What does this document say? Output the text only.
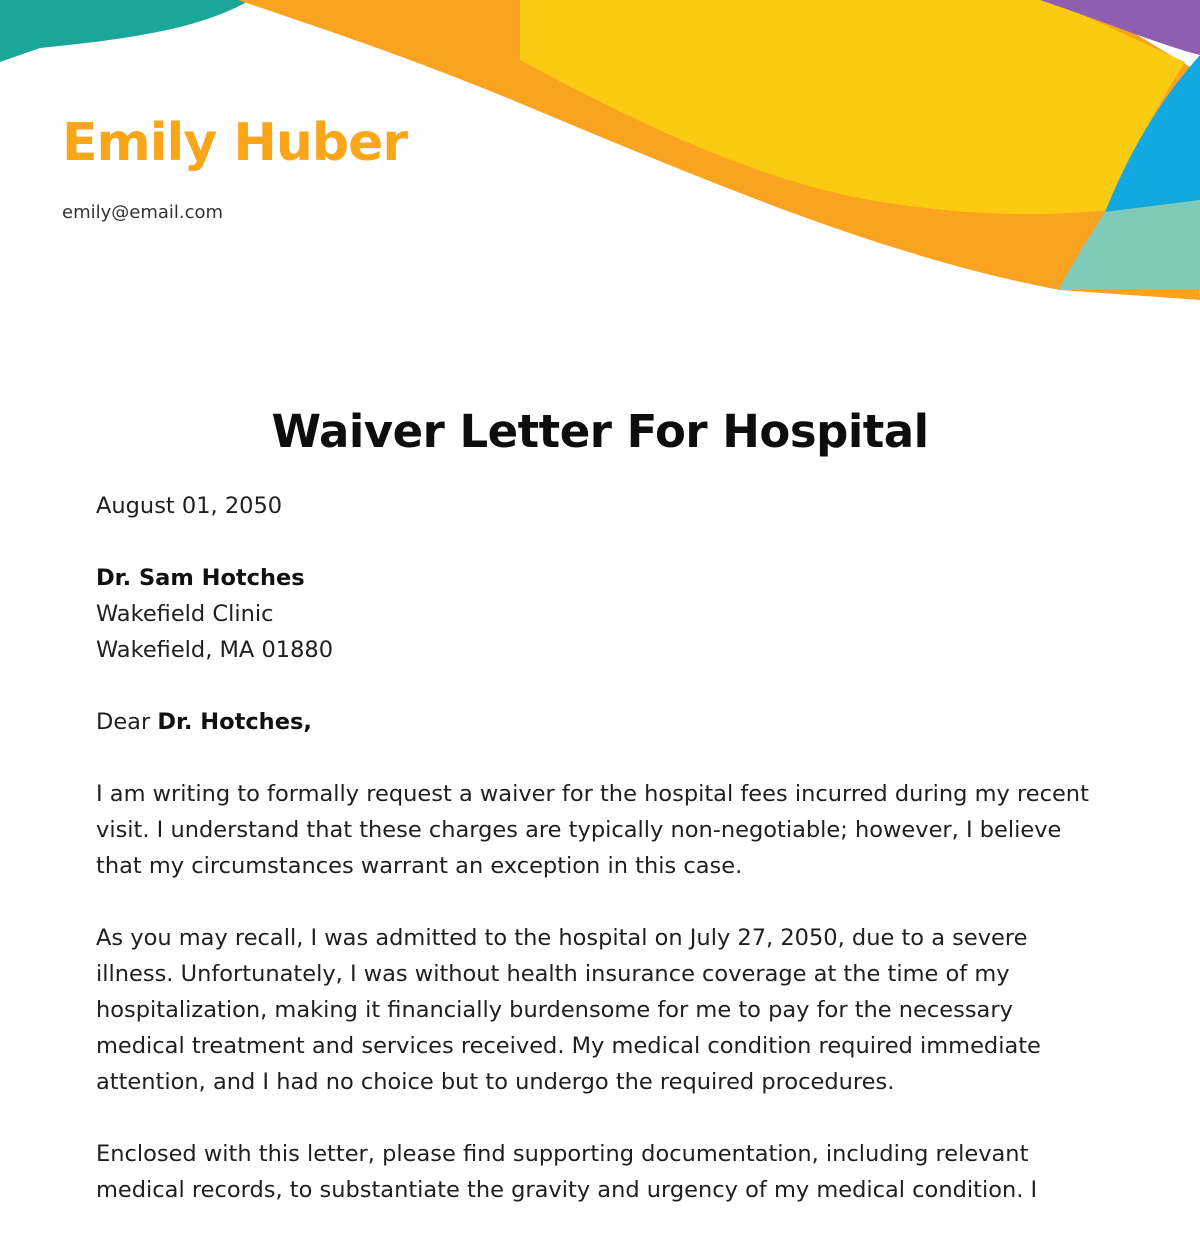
Emily Huber
emily@email.com
Waiver Letter For Hospital

August 01, 2050

Dr. Sam Hotches
Wakefield Clinic
Wakefield, MA 01880

Dear Dr. Hotches,

I am writing to formally request a waiver for the hospital fees incurred during my recent
visit. I understand that these charges are typically non-negotiable; however, I believe
that my circumstances warrant an exception in this case.

As you may recall, I was admitted to the hospital on July 27, 2050, due to a severe
illness. Unfortunately, I was without health insurance coverage at the time of my
hospitalization, making it financially burdensome for me to pay for the necessary
medical treatment and services received. My medical condition required immediate
attention, and I had no choice but to undergo the required procedures.

Enclosed with this letter, please find supporting documentation, including relevant
medical records, to substantiate the gravity and urgency of my medical condition. I
